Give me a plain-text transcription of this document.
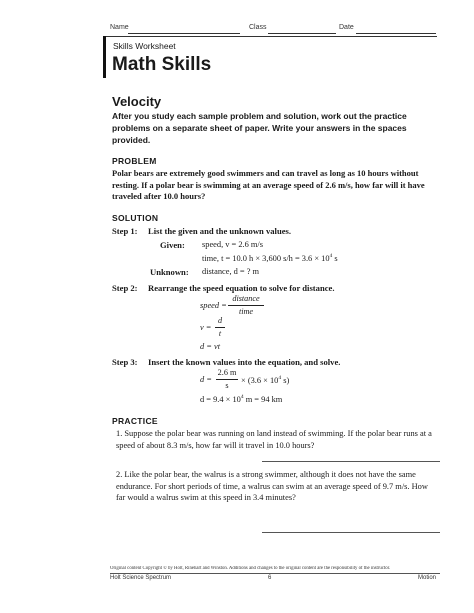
Name	Class	Date
Skills Worksheet
Math Skills
Velocity
After you study each sample problem and solution, work out the practice problems on a separate sheet of paper. Write your answers in the spaces provided.
PROBLEM
Polar bears are extremely good swimmers and can travel as long as 10 hours without resting. If a polar bear is swimming at an average speed of 2.6 m/s, how far will it have traveled after 10.0 hours?
SOLUTION
Step 1: List the given and the unknown values.
Given: speed, v = 2.6 m/s
time, t = 10.0 h × 3,600 $s/h = 3.6 \times 10^4$ s
Unknown: distance, d = ? m
Step 2: Rearrange the speed equation to solve for distance.
speed =
distance
time
v =
d
t
d = vt
Step 3: Insert the known values into the equation, and solve.
d =
2.6 m
s
× ($3.6 \times 10^4$ s)
$d = 9.4 \times 10^4$ m = 94 km
PRACTICE
1. Suppose the polar bear was running on land instead of swimming. If the polar bear runs at a speed of about 8.3 m/s, how far will it travel in 10.0 hours?
2. Like the polar bear, the walrus is a strong swimmer, although it does not have the same endurance. For short periods of time, a walrus can swim at an average speed of 9.7 m/s. How far would a walrus swim at this speed in 3.4 minutes?
Original content Copyright © by Holt, Rinehart and Winston. Additions and changes to the original content are the responsibility of the instructor.
Holt Science Spectrum	6	Motion
